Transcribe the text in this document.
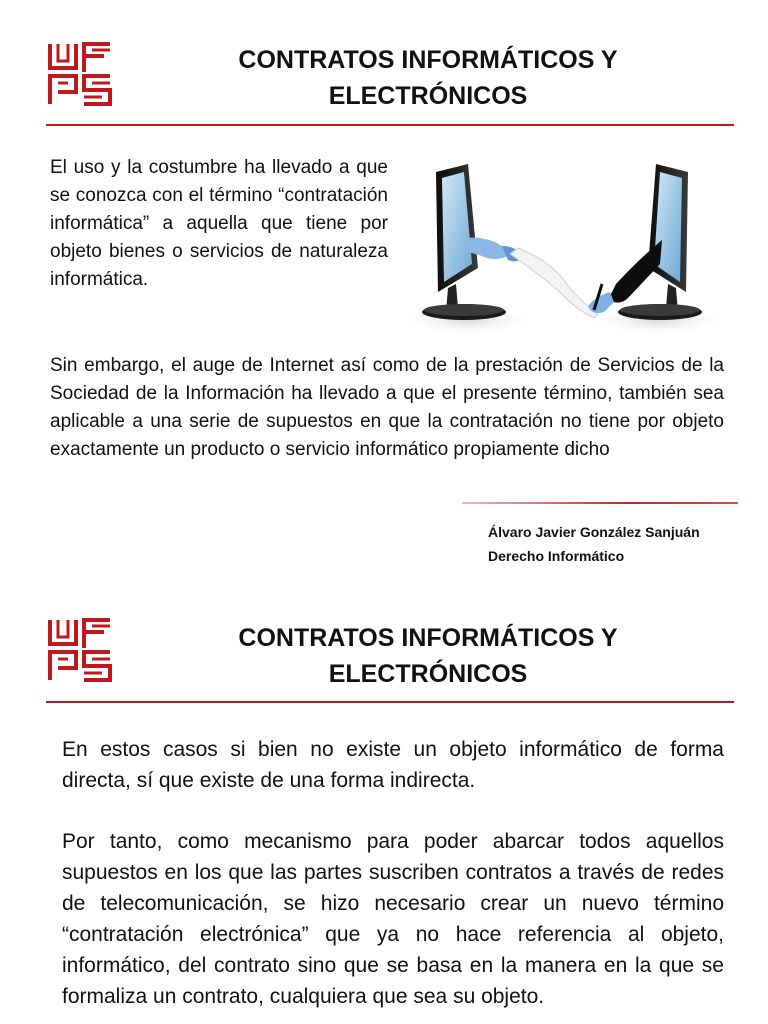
CONTRATOS INFORMÁTICOS Y
ELECTRÓNICOS
El uso y la costumbre ha llevado a que se conozca con el término “contratación informática” a aquella que tiene por objeto bienes o servicios de naturaleza informática.
Sin embargo, el auge de Internet así como de la prestación de Servicios de la Sociedad de la Información ha llevado a que el presente término, también sea aplicable a una serie de supuestos en que la contratación no tiene por objeto exactamente un producto o servicio informático propiamente dicho
Álvaro Javier González Sanjuán
Derecho Informático
CONTRATOS INFORMÁTICOS Y
ELECTRÓNICOS
En estos casos si bien no existe un objeto informático de forma directa, sí que existe de una forma indirecta.
Por tanto, como mecanismo para poder abarcar todos aquellos supuestos en los que las partes suscriben contratos a través de redes de telecomunicación, se hizo necesario crear un nuevo término “contratación electrónica” que ya no hace referencia al objeto, informático, del contrato sino que se basa en la manera en la que se formaliza un contrato, cualquiera que sea su objeto.
